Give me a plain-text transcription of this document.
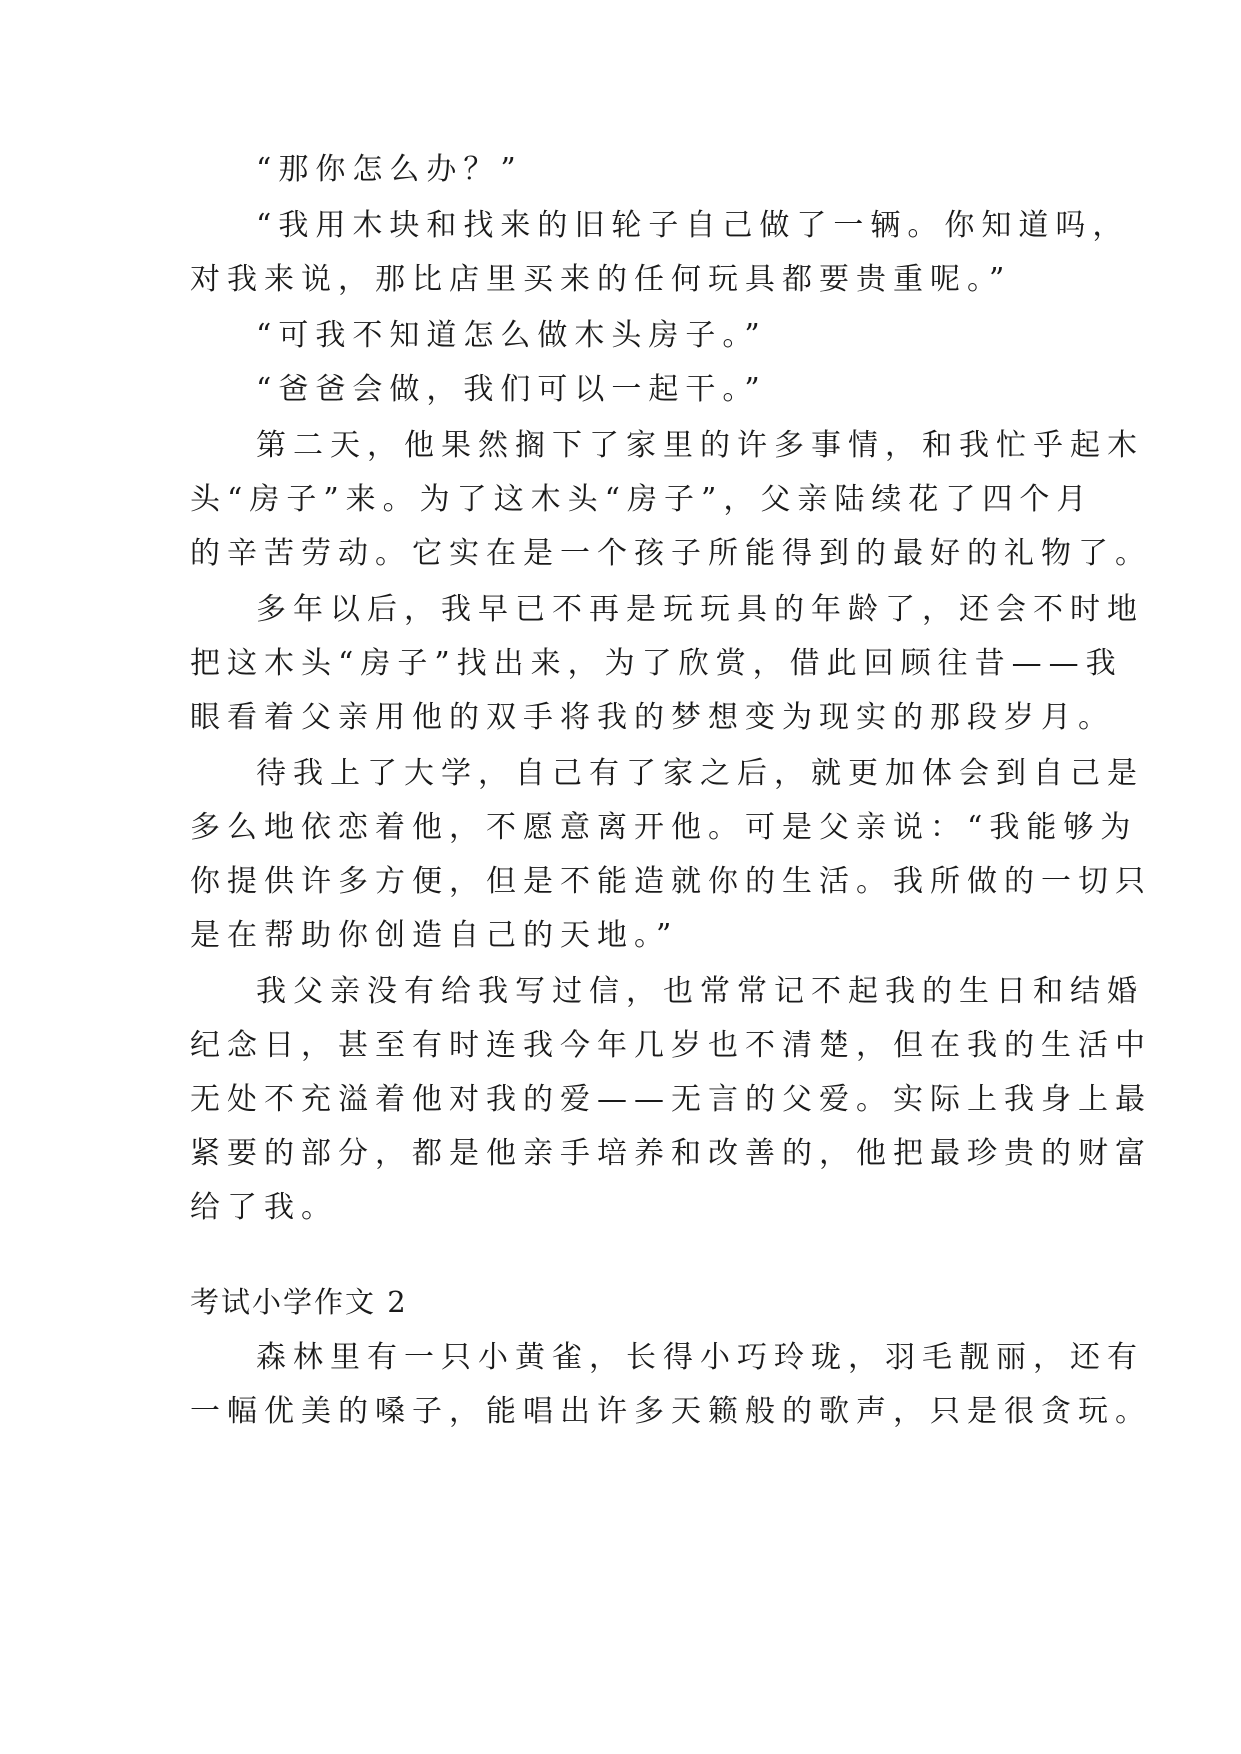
“那你怎么办？”
“我用木块和找来的旧轮子自己做了一辆。你知道吗，
对我来说，那比店里买来的任何玩具都要贵重呢。”
“可我不知道怎么做木头房子。”
“爸爸会做，我们可以一起干。”
第二天，他果然搁下了家里的许多事情，和我忙乎起木
头“房子”来。为了这木头“房子”，父亲陆续花了四个月
的辛苦劳动。它实在是一个孩子所能得到的最好的礼物了。
多年以后，我早已不再是玩玩具的年龄了，还会不时地
把这木头“房子”找出来，为了欣赏，借此回顾往昔——我
眼看着父亲用他的双手将我的梦想变为现实的那段岁月。
待我上了大学，自己有了家之后，就更加体会到自己是
多么地依恋着他，不愿意离开他。可是父亲说：“我能够为
你提供许多方便，但是不能造就你的生活。我所做的一切只
是在帮助你创造自己的天地。”
我父亲没有给我写过信，也常常记不起我的生日和结婚
纪念日，甚至有时连我今年几岁也不清楚，但在我的生活中
无处不充溢着他对我的爱——无言的父爱。实际上我身上最
紧要的部分，都是他亲手培养和改善的，他把最珍贵的财富
给了我。
考试小学作文 2
森林里有一只小黄雀，长得小巧玲珑，羽毛靓丽，还有
一幅优美的嗓子，能唱出许多天籁般的歌声，只是很贪玩。
